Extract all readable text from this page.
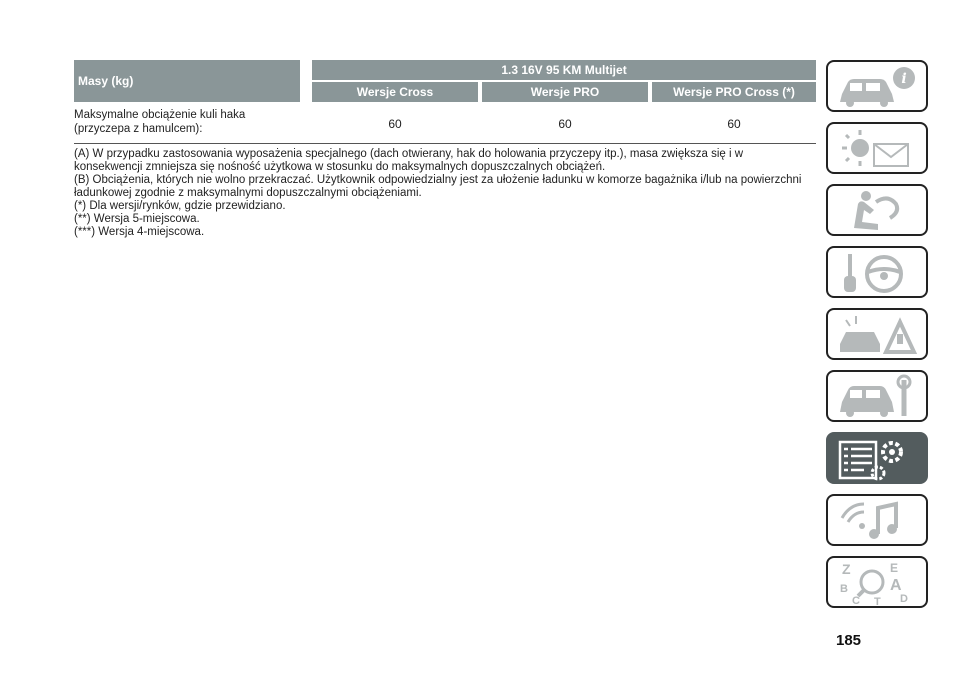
Masy (kg)
1.3 16V 95 KM Multijet
Wersje Cross	Wersje PRO	Wersje PRO Cross (*)
Maksymalne obciążenie kuli haka
(przyczepa z hamulcem):	60	60	60

(A) W przypadku zastosowania wyposażenia specjalnego (dach otwierany, hak do holowania przyczepy itp.), masa zwiększa się i w

konsekwencji zmniejsza się nośność użytkowa w stosunku do maksymalnych dopuszczalnych obciążeń.

(B) Obciążenia, których nie wolno przekraczać. Użytkownik odpowiedzialny jest za ułożenie ładunku w komorze bagażnika i/lub na powierzchni

ładunkowej zgodnie z maksymalnymi dopuszczalnymi obciążeniami.

(*) Dla wersji/rynków, gdzie przewidziano.

(**) Wersja 5-miejscowa.

(***) Wersja 4-miejscowa.

i
Z	E
B	A
C	D
T
185
